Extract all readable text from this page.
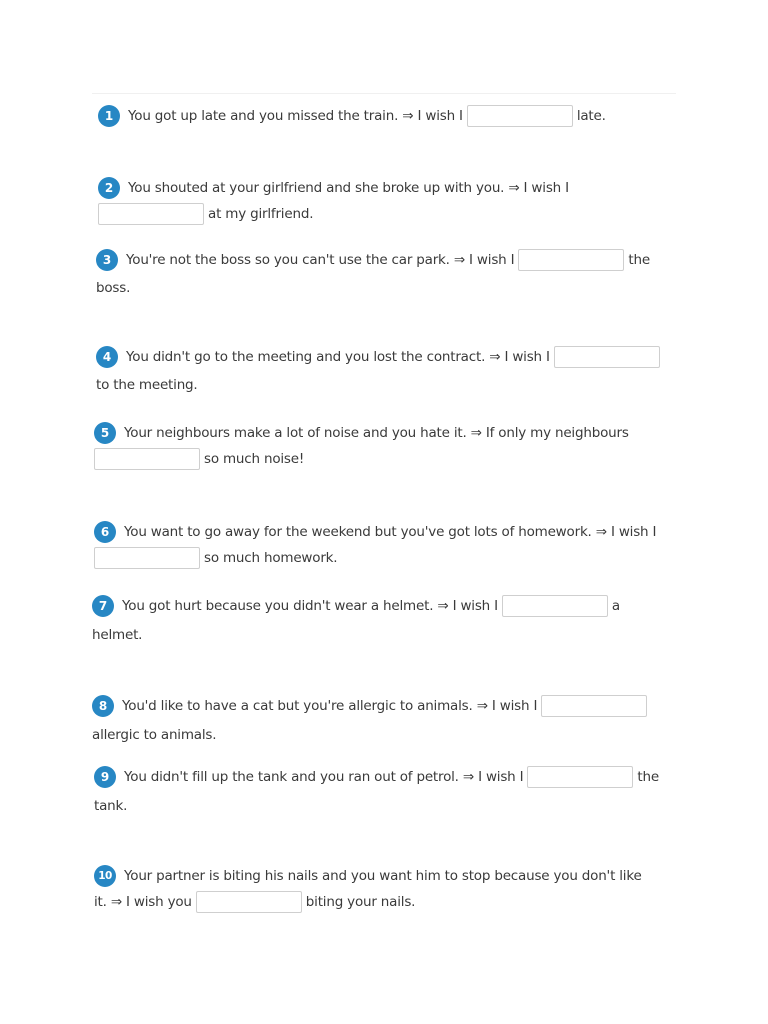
1	You got up late and you missed the train. ⇒ I wish I	late.
2	You shouted at your girlfriend and she broke up with you. ⇒ I wish I
at my girlfriend.
3	You're not the boss so you can't use the car park. ⇒ I wish I	the
boss.
4	You didn't go to the meeting and you lost the contract. ⇒ I wish I
to the meeting.
5	Your neighbours make a lot of noise and you hate it. ⇒ If only my neighbours
so much noise!
6	You want to go away for the weekend but you've got lots of homework. ⇒ I wish I
so much homework.
7	You got hurt because you didn't wear a helmet. ⇒ I wish I	a
helmet.
8	You'd like to have a cat but you're allergic to animals. ⇒ I wish I
allergic to animals.
9	You didn't fill up the tank and you ran out of petrol. ⇒ I wish I	the
tank.
10 Your partner is biting his nails and you want him to stop because you don't like
it. ⇒ I wish you	biting your nails.
